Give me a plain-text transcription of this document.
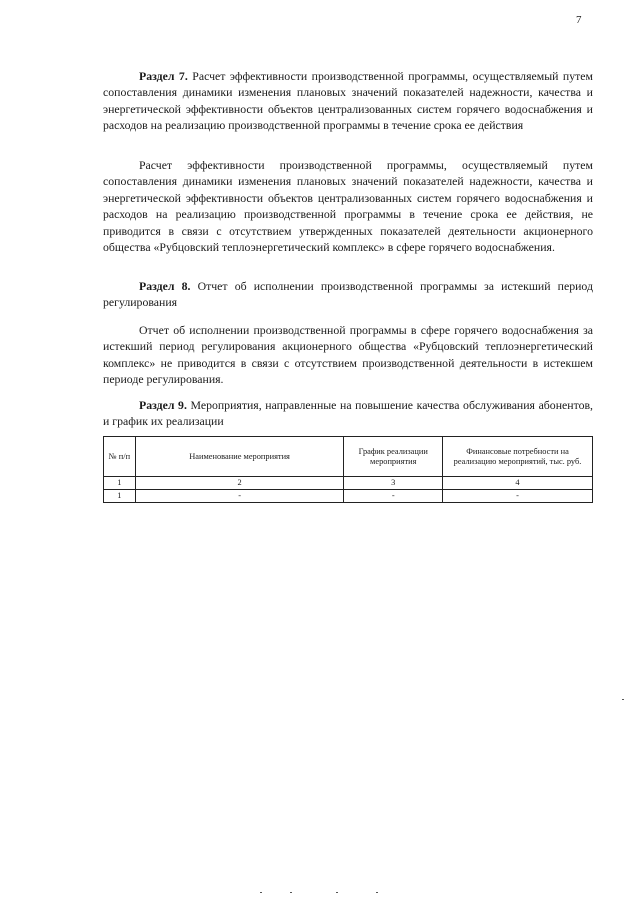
7

Раздел 7. Расчет эффективности производственной программы, осуществляемый путем сопоставления динамики изменения плановых значений показателей надежности, качества и энергетической эффективности объектов централизованных систем горячего водоснабжения и расходов на реализацию производственной программы в течение срока ее действия

Расчет эффективности производственной программы, осуществляемый путем сопоставления динамики изменения плановых значений показателей надежности, качества и энергетической эффективности объектов централизованных систем горячего водоснабжения и расходов на реализацию производственной программы в течение срока ее действия, не приводится в связи с отсутствием утвержденных показателей деятельности акционерного общества «Рубцовский теплоэнергетический комплекс» в сфере горячего водоснабжения.

Раздел 8. Отчет об исполнении производственной программы за истекший период регулирования

Отчет об исполнении производственной программы в сфере горячего водоснабжения за истекший период регулирования акционерного общества «Рубцовский теплоэнергетический комплекс» не приводится в связи с отсутствием производственной деятельности в истекшем периоде регулирования.

Раздел 9. Мероприятия, направленные на повышение качества обслуживания абонентов, и график их реализации

№ п/п	Наименование мероприятия	График реализации мероприятия	Финансовые потребности на реализацию мероприятий, тыс. руб.
1	2	3	4
1	-	-	-
